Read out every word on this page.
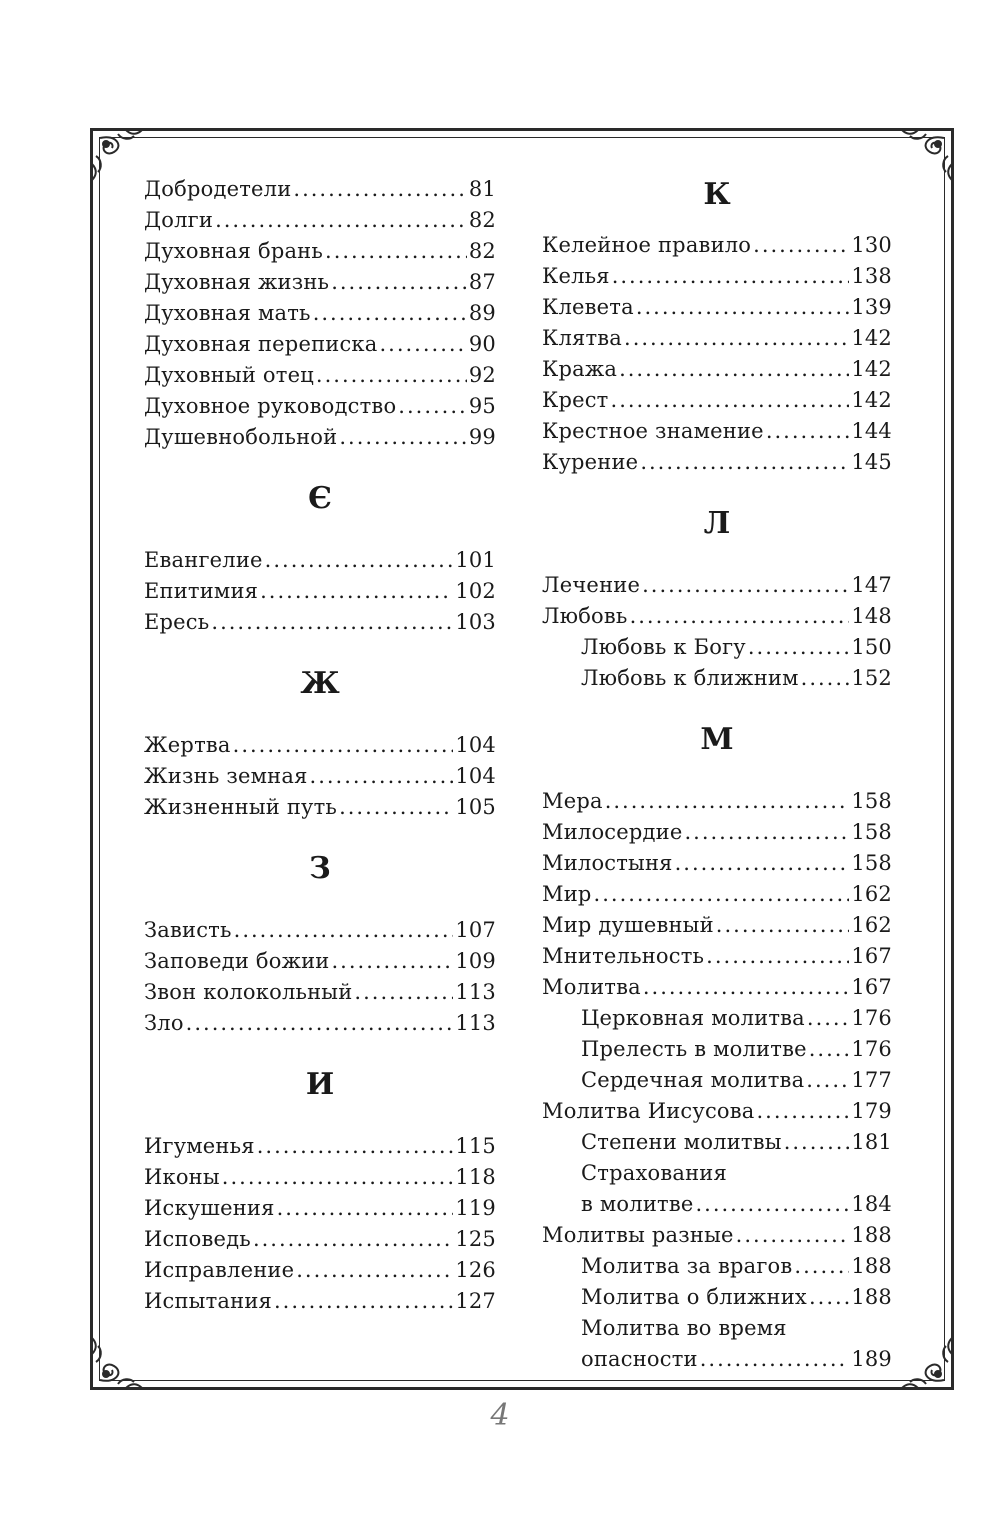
Добродетели .....	81
Долги .....	82
Духовная брань .....	82
Духовная жизнь .....	87
Духовная мать .....	89
Духовная переписка .....	90
Духовный отец .....	92
Духовное руководство .....	95
Душевнобольной .....	99
Є
Евангелие .....	101
Епитимия .....	102
Ересь .....	103
Ж
Жертва .....	104
Жизнь земная .....	104
Жизненный путь .....	105
З
Зависть .....	107
Заповеди божии .....	109
Звон колокольный .....	113
Зло .....	113
И
Игуменья .....	115
Иконы .....	118
Искушения .....	119
Исповедь .....	125
Исправление .....	126
Испытания .....	127
К
Келейное правило .....	130
Келья .....	138
Клевета .....	139
Клятва .....	142
Кража .....	142
Крест .....	142
Крестное знамение .....	144
Курение .....	145
Л
Лечение .....	147
Любовь .....	148
Любовь к Богу .....	150
Любовь к ближним .....	152
М
Мера .....	158
Милосердие .....	158
Милостыня .....	158
Мир .....	162
Мир душевный .....	162
Мнительность .....	167
Молитва .....	167
Церковная молитва ..... 176
Прелесть в молитве ..... 176
Сердечная молитва ..... 177
Молитва Иисусова .....	179
Степени молитвы .....	181
Страхования
в молитве .....	184
Молитвы разные .....	188
Молитва за врагов .....	188
Молитва о ближних ..... 188
Молитва во время
опасности .....	189
4
